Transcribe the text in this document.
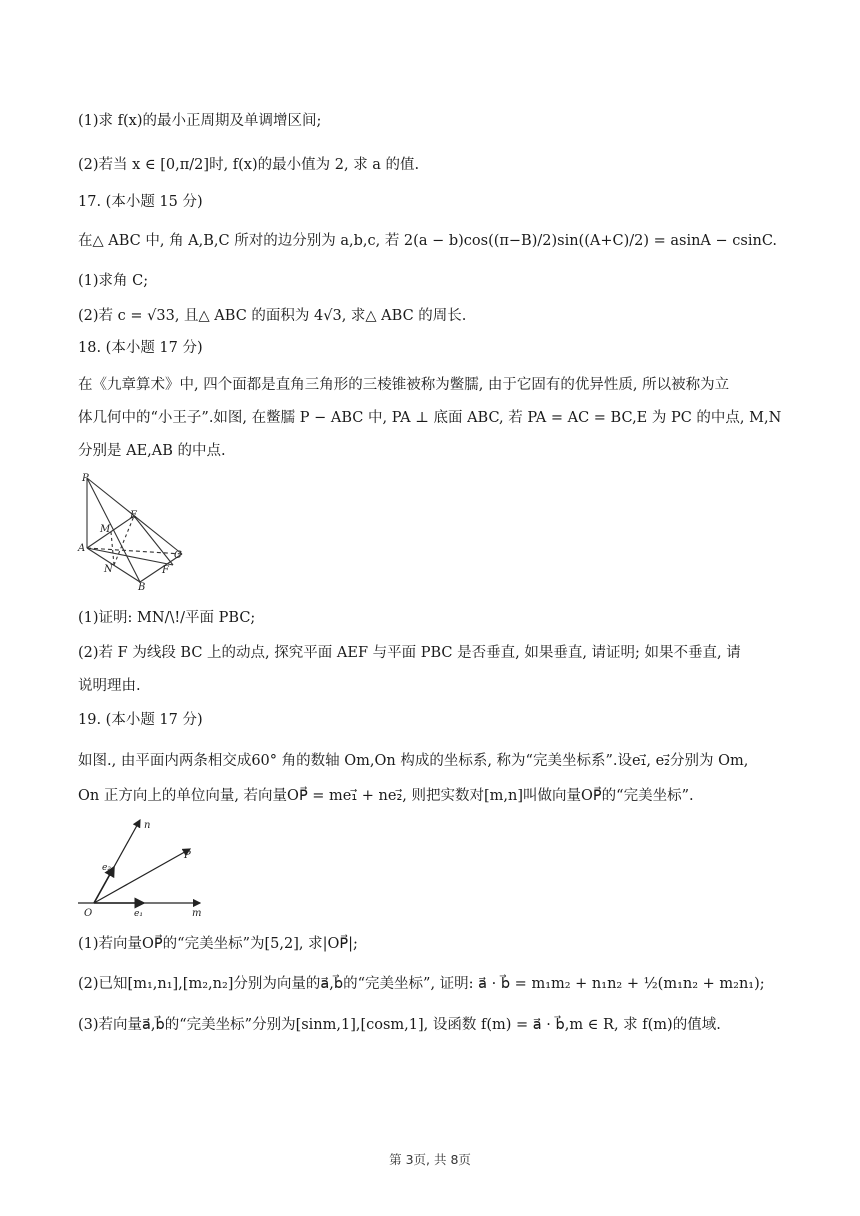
(1)求 f(x)的最小正周期及单调增区间;
(2)若当 x ∈ [0,π/2]时, f(x)的最小值为 2, 求 a 的值.
17. (本小题 15 分)
在△ ABC 中, 角 A,B,C 所对的边分别为 a,b,c, 若 2(a − b)cos((π−B)/2)sin((A+C)/2) = asinA − csinC.
(1)求角 C;
(2)若 c = √33, 且△ ABC 的面积为 4√3, 求△ ABC 的周长.
18. (本小题 17 分)
在《九章算术》中, 四个面都是直角三角形的三棱锥被称为鳖臑, 由于它固有的优异性质, 所以被称为立
体几何中的“小王子”.如图, 在鳖臑 P − ABC 中, PA ⊥ 底面 ABC, 若 PA = AC = BC,E 为 PC 的中点, M,N
分别是 AE,AB 的中点.
P
E
M
A
C
N	F
B
(1)证明: MN/\!/平面 PBC;
(2)若 F 为线段 BC 上的动点, 探究平面 AEF 与平面 PBC 是否垂直, 如果垂直, 请证明; 如果不垂直, 请
说明理由.
19. (本小题 17 分)
如图., 由平面内两条相交成60° 角的数轴 Om,On 构成的坐标系, 称为“完美坐标系”.设e₁⃗, e₂⃗分别为 Om,
On 正方向上的单位向量, 若向量OP⃗ = me₁⃗ + ne₂⃗, 则把实数对[m,n]叫做向量OP⃗的“完美坐标”.
n
P
e₂
O	e₁	m
(1)若向量OP⃗的“完美坐标”为[5,2], 求|OP⃗|;
(2)已知[m₁,n₁],[m₂,n₂]分别为向量的a⃗,b⃗的“完美坐标”, 证明: a⃗ · b⃗ = m₁m₂ + n₁n₂ + ½(m₁n₂ + m₂n₁);
(3)若向量a⃗,b⃗的“完美坐标”分别为[sinm,1],[cosm,1], 设函数 f(m) = a⃗ · b⃗,m ∈ R, 求 f(m)的值域.
第 3页, 共 8页
